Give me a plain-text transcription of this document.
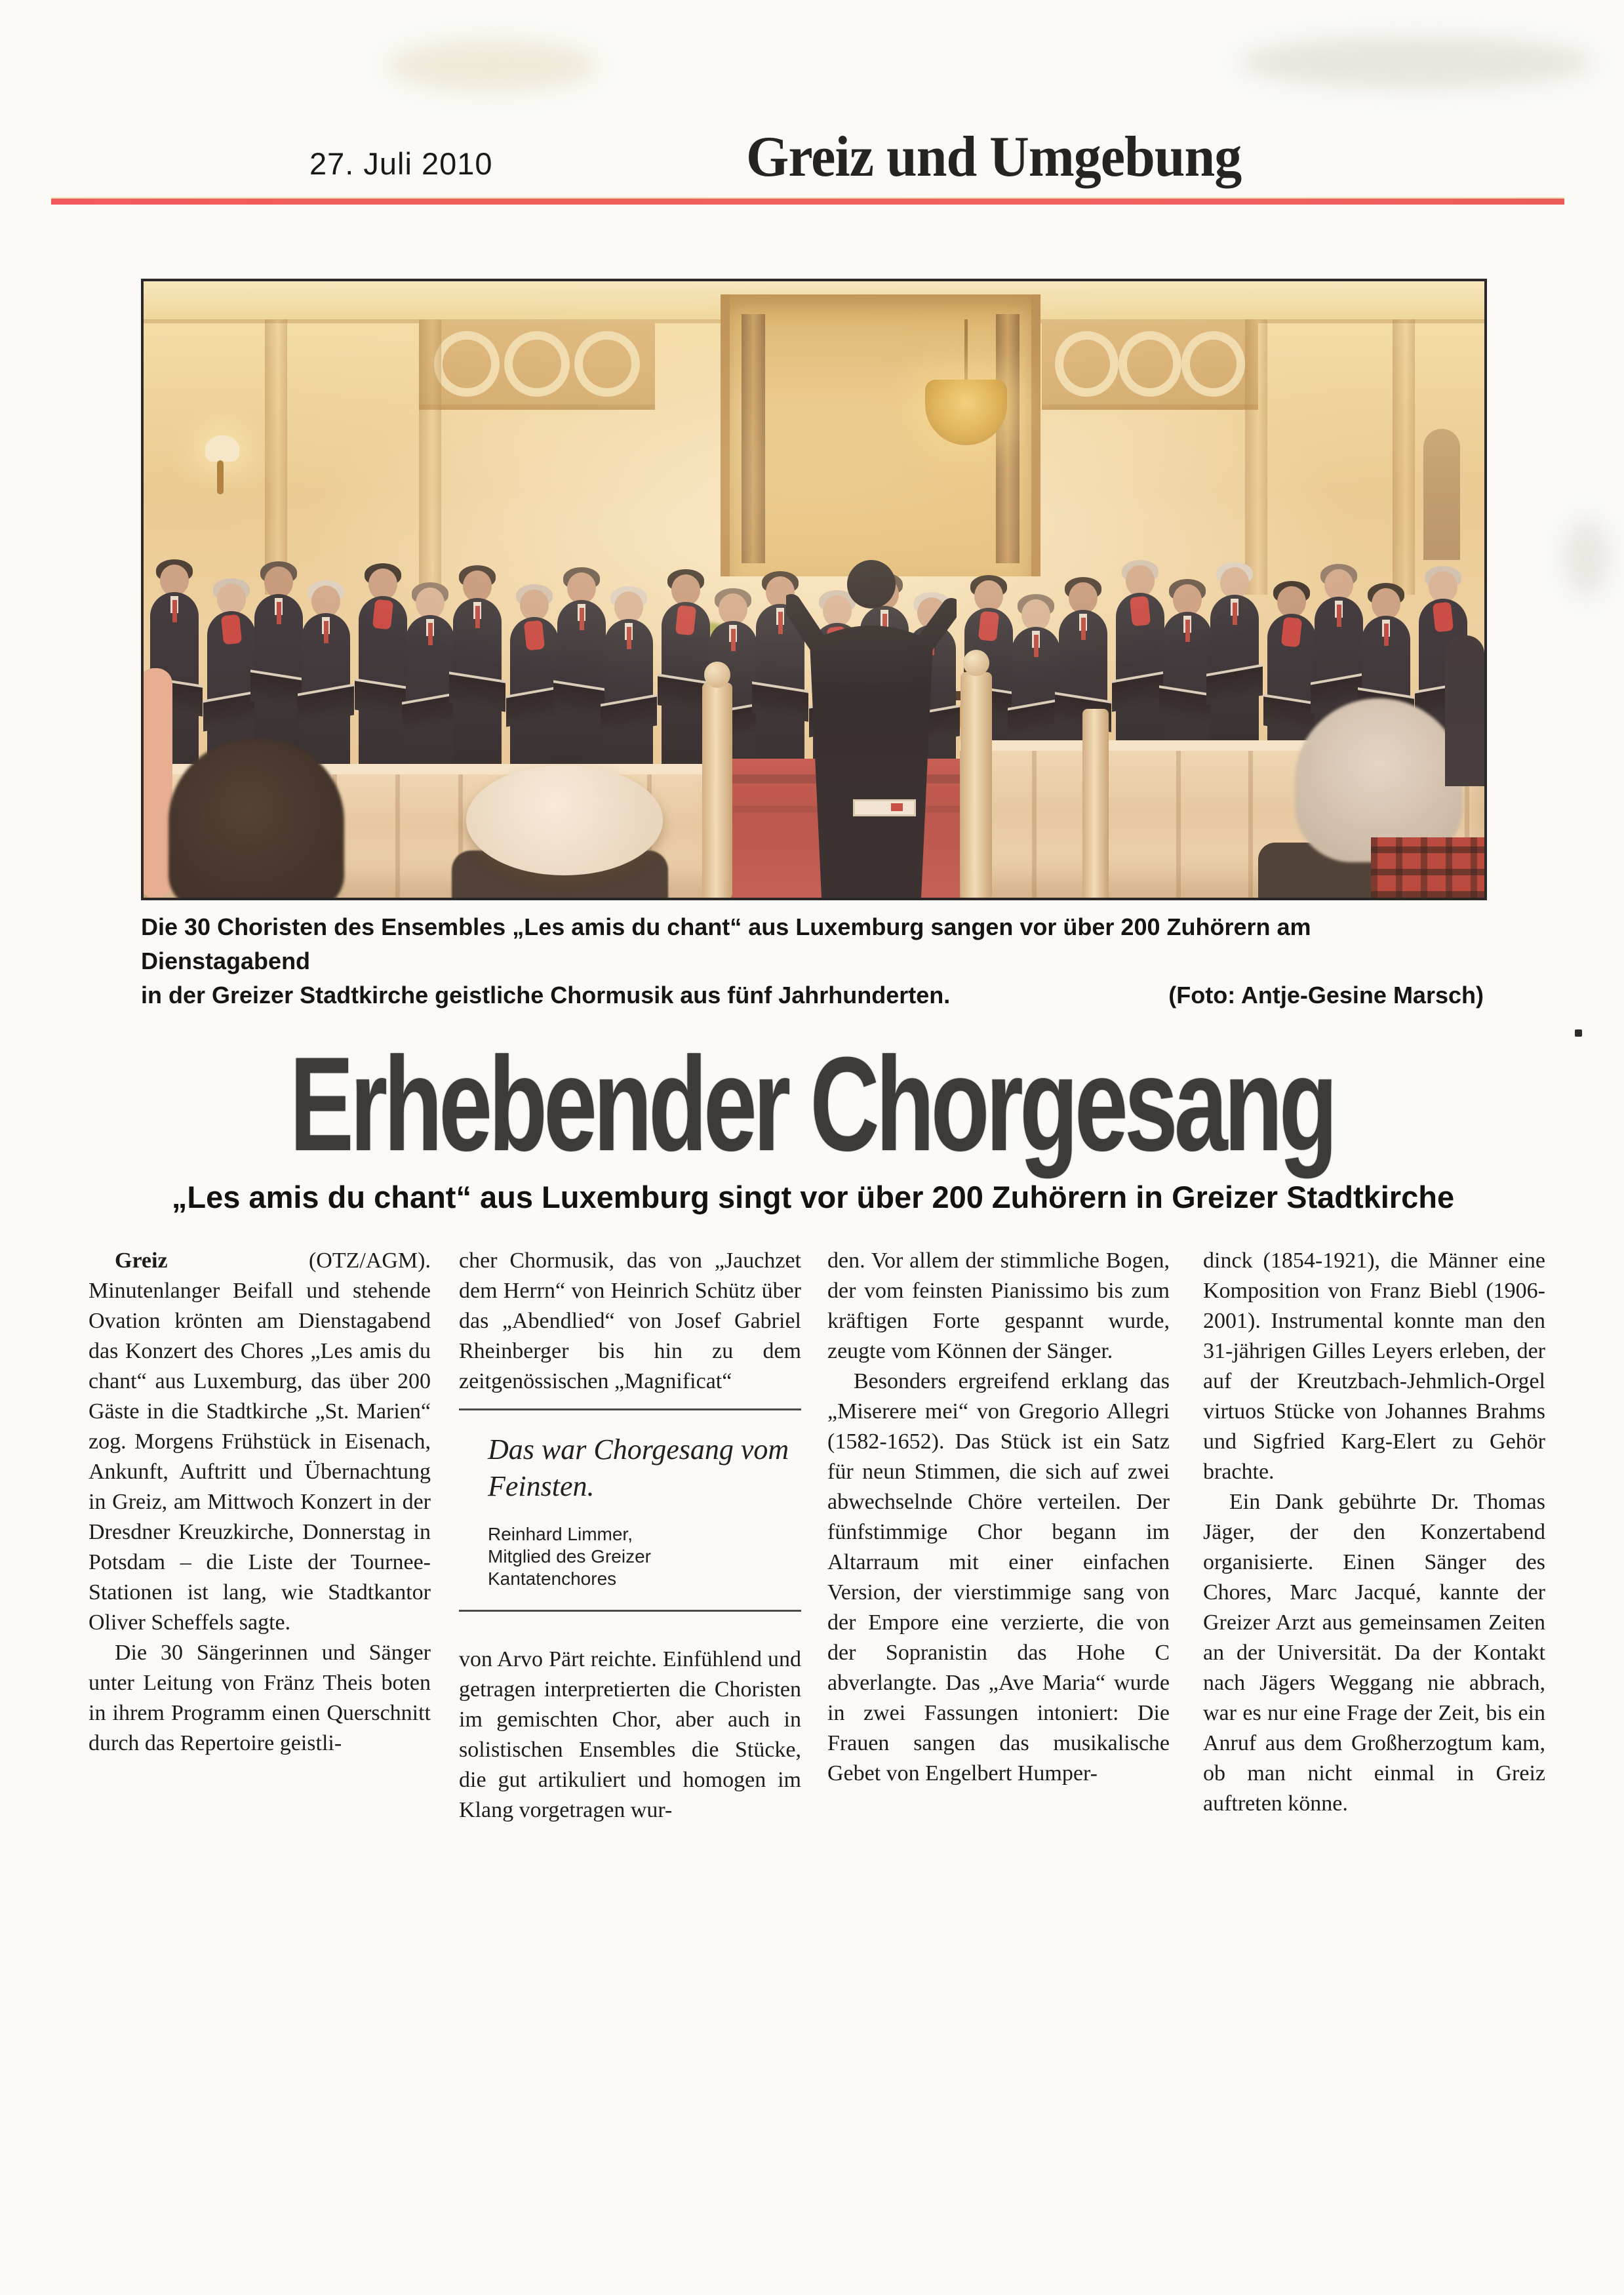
27. Juli 2010	Greiz und Umgebung
Die 30 Choristen des Ensembles „Les amis du chant“ aus Luxemburg sangen vor über 200 Zuhörern am Dienstagabend
in der Greizer Stadtkirche geistliche Chormusik aus fünf Jahrhunderten.	(Foto: Antje-Gesine Marsch)
Erhebender Chorgesang
„Les amis du chant“ aus Luxemburg singt vor über 200 Zuhörern in Greizer Stadtkirche

Greiz (OTZ/AGM). Minutenlanger Beifall und stehende Ovation krönten am Dienstagabend das Konzert des Chores „Les amis du chant“ aus Luxemburg, das über 200 Gäste in die Stadtkirche „St. Marien“ zog. Morgens Frühstück in Eisenach, Ankunft, Auftritt und Übernachtung in Greiz, am Mittwoch Konzert in der Dresdner Kreuzkirche, Donnerstag in Potsdam – die Liste der Tournee-Stationen ist lang, wie Stadtkantor Oliver Scheffels sagte.

Die 30 Sängerinnen und Sänger unter Leitung von Fränz Theis boten in ihrem Programm einen Querschnitt durch das Repertoire geistli-

cher Chormusik, das von „Jauchzet dem Herrn“ von Heinrich Schütz über das „Abendlied“ von Josef Gabriel Rheinberger bis hin zu dem zeitgenössischen „Magnificat“

Das war Chorgesang vom Feinsten.
Reinhard Limmer,
Mitglied des Greizer
Kantatenchores

von Arvo Pärt reichte. Einfühlend und getragen interpretierten die Choristen im gemischten Chor, aber auch in solistischen Ensembles die Stücke, die gut artikuliert und homogen im Klang vorgetragen wur-

den. Vor allem der stimmliche Bogen, der vom feinsten Pianissimo bis zum kräftigen Forte gespannt wurde, zeugte vom Können der Sänger.

Besonders ergreifend erklang das „Miserere mei“ von Gregorio Allegri (1582-1652). Das Stück ist ein Satz für neun Stimmen, die sich auf zwei abwechselnde Chöre verteilen. Der fünfstimmige Chor begann im Altarraum mit einer einfachen Version, der vierstimmige sang von der Empore eine verzierte, die von der Sopranistin das Hohe C abverlangte. Das „Ave Maria“ wurde in zwei Fassungen intoniert: Die Frauen sangen das musikalische Gebet von Engelbert Humper-

dinck (1854-1921), die Männer eine Komposition von Franz Biebl (1906-2001). Instrumental konnte man den 31-jährigen Gilles Leyers erleben, der auf der Kreutzbach-Jehmlich-Orgel virtuos Stücke von Johannes Brahms und Sigfried Karg-Elert zu Gehör brachte.

Ein Dank gebührte Dr. Thomas Jäger, der den Konzertabend organisierte. Einen Sänger des Chores, Marc Jacqué, kannte der Greizer Arzt aus gemeinsamen Zeiten an der Universität. Da der Kontakt nach Jägers Weggang nie abbrach, war es nur eine Frage der Zeit, bis ein Anruf aus dem Großherzogtum kam, ob man nicht einmal in Greiz auftreten könne.
